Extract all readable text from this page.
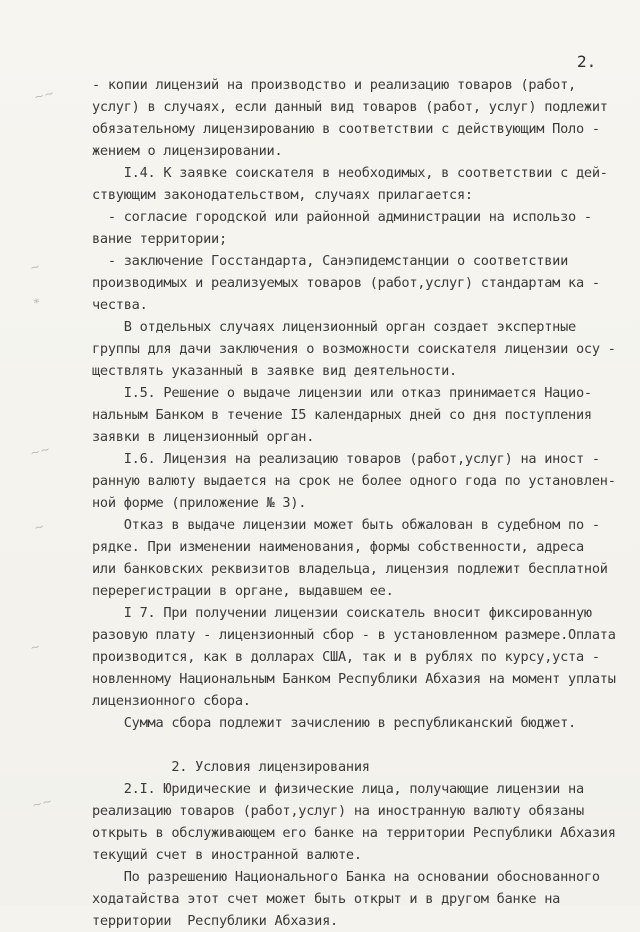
2.
~~
~
*
~~
~
~
~~
- копии лицензий на производство и реализацию товаров (работ,
услуг) в случаях, если данный вид товаров (работ, услуг) подлежит
обязательному лицензированию в соответствии с действующим Поло -
жением о лицензировании.
I.4. К заявке соискателя в необходимых, в соответствии с дей-
ствующим законодательством, случаях прилагается:
- согласие городской или районной администрации на использо -
вание территории;
- заключение Госстандарта, Санэпидемстанции о соответствии
производимых и реализуемых товаров (работ,услуг) стандартам ка -
чества.
В отдельных случаях лицензионный орган создает экспертные
группы для дачи заключения о возможности соискателя лицензии осу -
ществлять указанный в заявке вид деятельности.
I.5. Решение о выдаче лицензии или отказ принимается Нацио-
нальным Банком в течение I5 календарных дней со дня поступления
заявки в лицензионный орган.
I.6. Лицензия на реализацию товаров (работ,услуг) на иност -
ранную валюту выдается на срок не более одного года по установлен-
ной форме (приложение № 3).
Отказ в выдаче лицензии может быть обжалован в судебном по -
рядке. При изменении наименования, формы собственности, адреса
или банковских реквизитов владельца, лицензия подлежит бесплатной
перерегистрации в органе, выдавшем ее.
I 7. При получении лицензии соискатель вносит фиксированную
разовую плату - лицензионный сбор - в установленном размере.Оплата
производится, как в долларах США, так и в рублях по курсу,уста -
новленному Национальным Банком Республики Абхазия на момент уплаты
лицензионного сбора.
Сумма сбора подлежит зачислению в республиканский бюджет.
2. Условия лицензирования
2.I. Юридические и физические лица, получающие лицензии на
реализацию товаров (работ,услуг) на иностранную валюту обязаны
открыть в обслуживающем его банке на территории Республики Абхазия
текущий счет в иностранной валюте.
По разрешению Национального Банка на основании обоснованного
ходатайства этот счет может быть открыт и в другом банке на
территории  Республики Абхазия.
